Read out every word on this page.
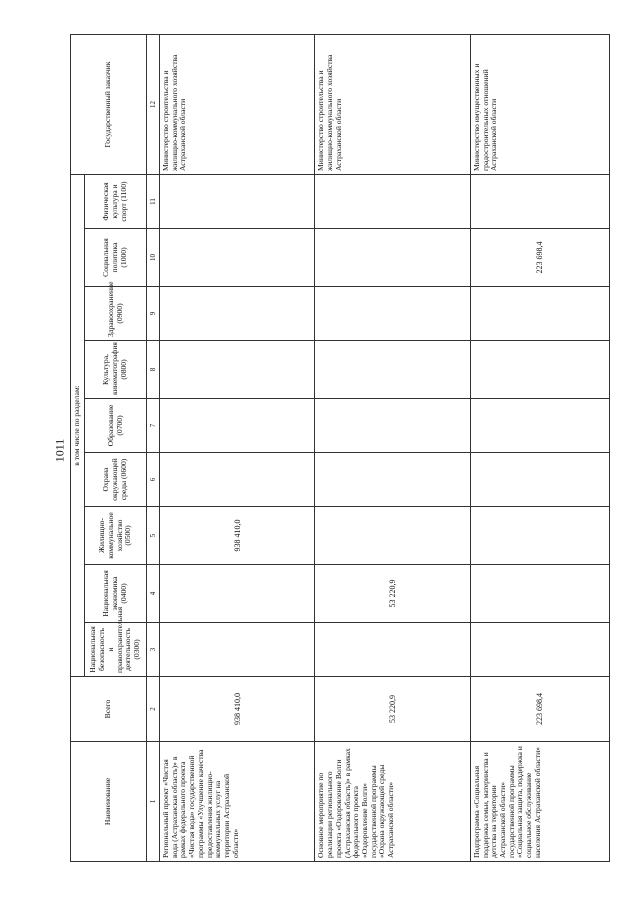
1011
Наименование	Всего	в том числе по разделам:									Государственный заказчик
		Национальная безопасность и правоохранительная деятельность (0300)	Национальная экономика (0400)	Жилищно-коммунальное хозяйство (0500)	Охрана окружающей среды (0600)	Образование (0700)	Культура, кинематография (0800)	Здравоохранение (0900)	Социальная политика (1000)	Физическая культура и спорт (1100)	
1	2	3	4	5	6	7	8	9	10	11	12
Региональный проект «Чистая вода (Астраханская область)» в рамках федерального проекта «Чистая вода» государственной программы «Улучшение качества предоставления жилищно-коммунальных услуг на территории Астраханской области»	938 410,0			938 410,0							Министерство строительства и жилищно-коммунального хозяйства Астраханской области
Основное мероприятие по реализации регионального проекта «Оздоровление Волги (Астраханская область)» в рамках федерального проекта «Оздоровление Волги» государственной программы «Охрана окружающей среды Астраханской области»	53 220,9		53 220,9								Министерство строительства и жилищно-коммунального хозяйства Астраханской области
Подпрограмма «Социальная поддержка семьи, материнства и детства на территории Астраханской области» государственной программы «Социальная защита, поддержка и социальное обслуживание населения Астраханской области»	223 698,4								223 698,4		Министерство имущественных и градостроительных отношений Астраханской области
